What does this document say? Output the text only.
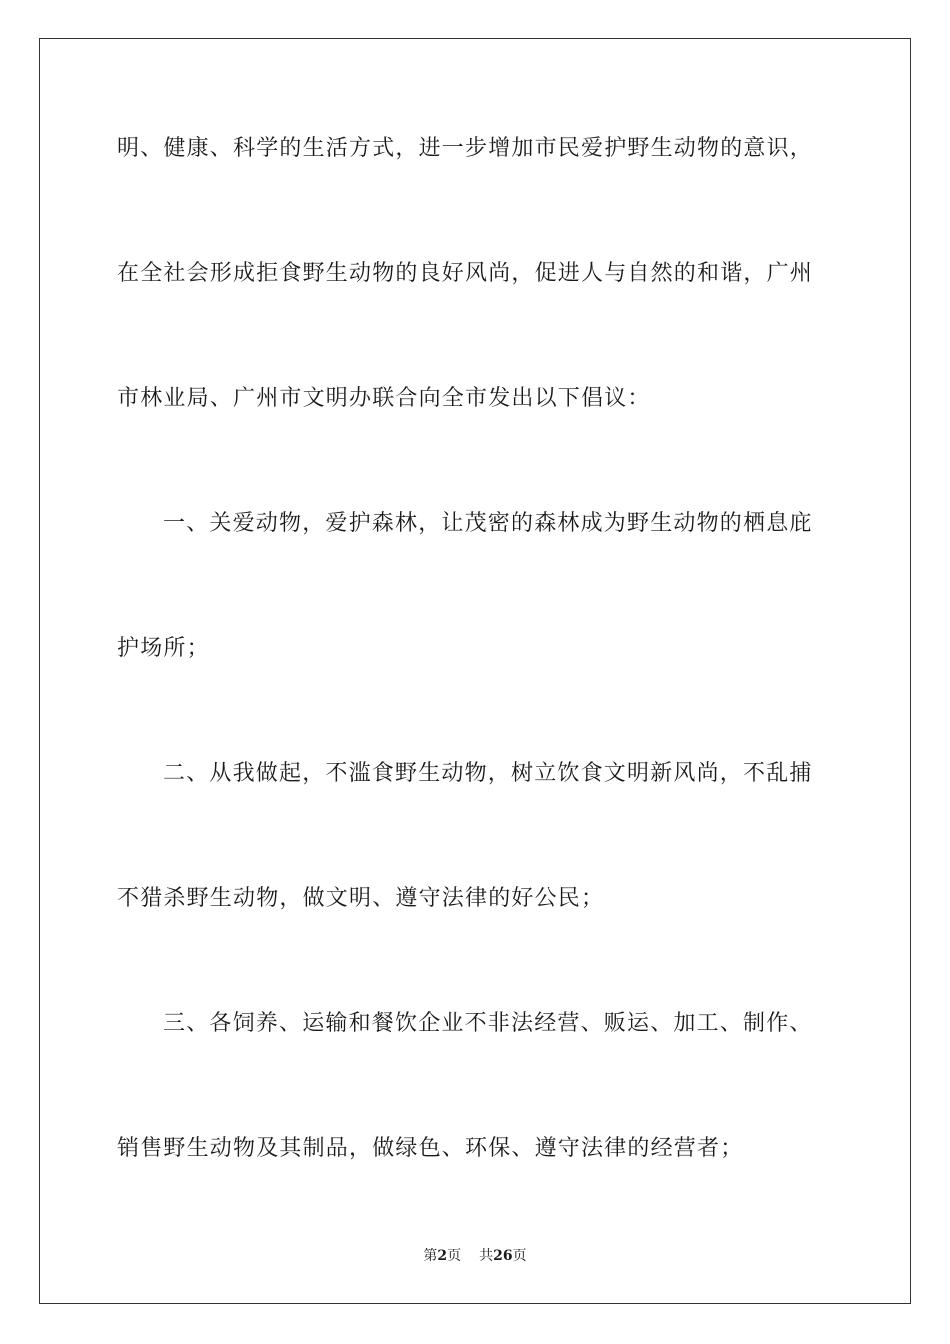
明、健康、科学的生活方式，进一步增加市民爱护野生动物的意识，
在全社会形成拒食野生动物的良好风尚，促进人与自然的和谐，广州
市林业局、广州市文明办联合向全市发出以下倡议：
一、关爱动物，爱护森林，让茂密的森林成为野生动物的栖息庇
护场所；
二、从我做起，不滥食野生动物，树立饮食文明新风尚，不乱捕
不猎杀野生动物，做文明、遵守法律的好公民；
三、各饲养、运输和餐饮企业不非法经营、贩运、加工、制作、
销售野生动物及其制品，做绿色、环保、遵守法律的经营者；
第2页 共26页
